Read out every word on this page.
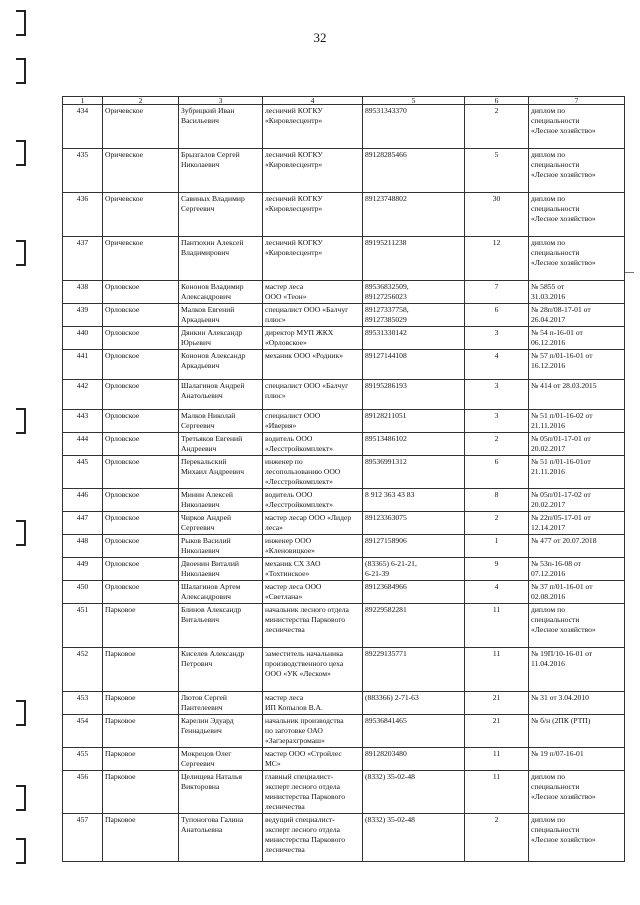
32
1	2	3	4	5	6	7
434	Оричевское	Зубрицкий Иван
Васильевич	лесничий КОГКУ
«Кировлесцентр»	89531343370	2	диплом по
специальности
«Лесное хозяйство»
435	Оричевское	Брызгалов Сергей
Николаевич	лесничий КОГКУ
«Кировлесцентр»	89128285466	5	диплом по
специальности
«Лесное хозяйство»
436	Оричевское	Савиных Владимир
Сергеевич	лесничий КОГКУ
«Кировлесцентр»	89123748802	30	диплом по
специальности
«Лесное хозяйство»
437	Оричевское	Пантюхин Алексей
Владимирович	лесничий КОГКУ
«Кировлесцентр»	89195211238	12	диплом по
специальности
«Лесное хозяйство»
438	Орловское	Кононов Владимир
Александрович	мастер леса
ООО «Теон»	89536832509,
89127256023	7	№ 5855 от
31.03.2016
439	Орловское	Малков Евгений
Аркадьевич	специалист ООО «Балчуг
плюс»	89127337758,
89127385029	6	№ 28п/08-17-01 от
26.04.2017
440	Орловское	Дянкин Александр
Юрьевич	директор МУП ЖКХ
«Орловское»	89531330142	3	№ 54 п-16-01 от
06.12.2016
441	Орловское	Кононов Александр
Аркадьевич	механик ООО «Родник»	89127144108	4	№ 57 п/01-16-01 от
16.12.2016
442	Орловское	Шалагинов Андрей
Анатольевич	специалист ООО «Балчуг
плюс»	89195286193	3	№ 414 от 28.03.2015
443	Орловское	Малков Николай
Сергеевич	специалист ООО
«Иверия»	89128211051	3	№ 51 п/01-16-02 от
21.11.2016
444	Орловское	Третьяков Евгений
Андреевич	водитель ООО
«Лесстройкомплект»	89513486102	2	№ 05п/01-17-01 от
20.02.2017
445	Орловское	Перекальский
Михаил Андреевич	инженер по
лесопользованию ООО
«Лесстройкомплект»	89536991312	6	№ 51 п/01-16-01от
21.11.2016
446	Орловское	Минин Алексей
Николаевич	водитель ООО
«Лесстройкомплект»	8 912 363 43 83	8	№ 05п/01-17-02 от
20.02.2017
447	Орловское	Чирков Андрей
Сергеевич	мастер лесар ООО «Лидер
леса»	89123363075	2	№ 22п/05-17-01 от
12.14.2017
448	Орловское	Рыков Василий
Николаевич	инженер ООО
«Кленовицкое»	89127158906	1	№ 477 от 20.07.2018
449	Орловское	Двоенин Виталий
Николаевич	механик СХ ЗАО
«Тохтинское»	(83365) 6-21-21,
6-21-39	9	№ 53п-16-08 от
07.12.2016
450	Орловское	Шалагинов Артем
Александрович	мастер леса ООО
«Светлана»	89123684966	4	№ 37 п/01-16-01 от
02.08.2016
451	Парковое	Блинов Александр
Витальевич	начальник лесного отдела
министерства Паркового
лесничества	89229582281	11	диплом по
специальности
«Лесное хозяйство»
452	Парковое	Киселев Александр
Петрович	заместитель начальника
производственного цеха
ООО «УК «Леском»	89229135771	11	№ 19П/10-16-01 от
11.04.2016
453	Парковое	Лютов Сергей
Пантелеевич	мастер леса
ИП Копылов В.А.	(883366) 2-71-63	21	№ 31 от 3.04.2010
454	Парковое	Карелин Эдуард
Геннадьевич	начальник производства
по заготовке ОАО
«Загзерахгромаш»	89536841465	21	№ б/н (2ПК (РТП)
455	Парковое	Мокрецов Олег
Сергеевич	мастер ООО «Стройлес
МС»	89128203480	11	№ 19 п/07-16-01
456	Парковое	Целищева Наталья
Викторовна	главный специалист-
эксперт лесного отдела
министерства Паркового
лесничества	(8332) 35-02-48	11	диплом по
специальности
«Лесное хозяйство»
457	Парковое	Тупоногова Галина
Анатольевна	ведущий специалист-
эксперт лесного отдела
министерства Паркового
лесничества	(8332) 35-02-48	2	диплом по
специальности
«Лесное хозяйство»
